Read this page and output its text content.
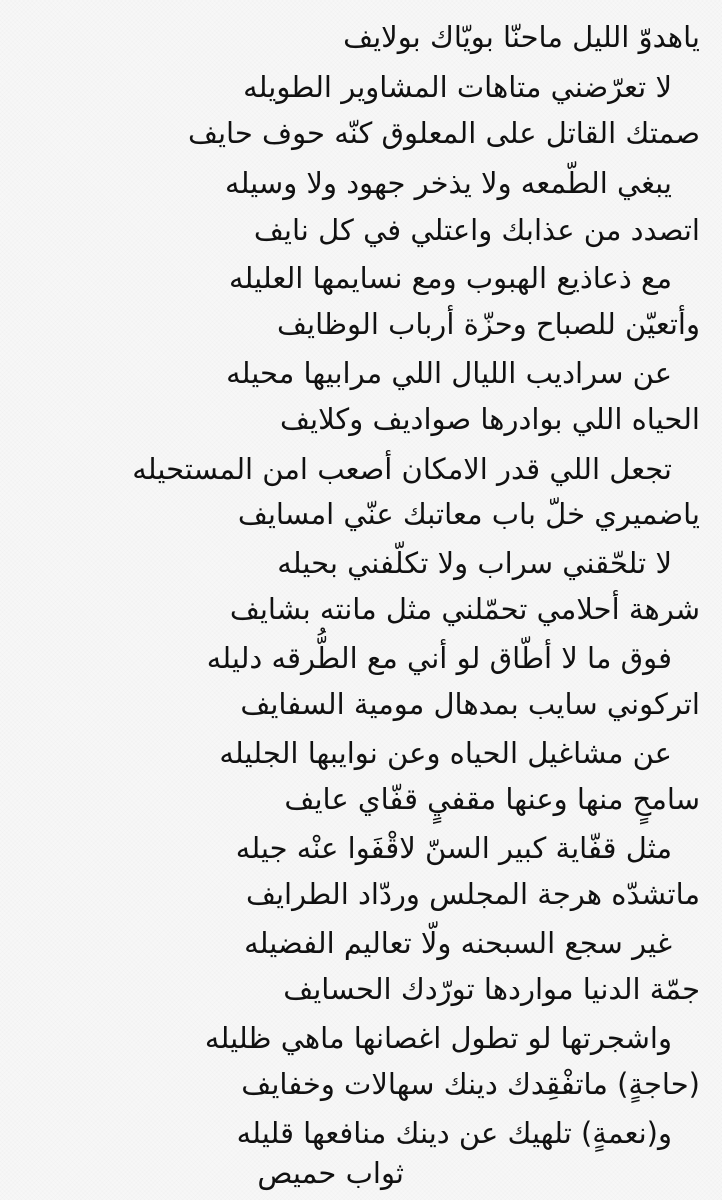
ياهدوّ الليل ماحنّا بويّاك بولايف
لا تعرّضني متاهات المشاوير الطويله
صمتك القاتل على المعلوق كنّه حوف حايف
يبغي الطّمعه ولا يذخر جهود ولا وسيله
اتصدد من عذابك واعتلي في كل نايف
مع ذعاذيع الهبوب ومع نسايمها العليله
وأتعيّن للصباح وحزّة أرباب الوظايف
عن سراديب الليال اللي مرابيها محيله
الحياه اللي بوادرها صواديف وكلايف
تجعل اللي قدر الامكان أصعب امن المستحيله
ياضميري خلّ باب معاتبك عنّي امسايف
لا تلحّقني سراب ولا تكلّفني بحيله
شرهة أحلامي تحمّلني مثل مانته بشايف
فوق ما لا أطّاق لو أني مع الطُّرقه دليله
اتركوني سايب بمدهال مومية السفايف
عن مشاغيل الحياه وعن نوايبها الجليله
سامحٍ منها وعنها مقفيٍ قفّاي عايف
مثل قفّاية كبير السنّ لاقْفَوا عنْه جيله
ماتشدّه هرجة المجلس وردّاد الطرايف
غير سجع السبحنه ولّا تعاليم الفضيله
جمّة الدنيا مواردها تورّدك الحسايف
واشجرتها لو تطول اغصانها ماهي ظليله
(حاجةٍ) ماتفْقِدك دينك سهالات وخفايف
و(نعمةٍ) تلهيك عن دينك منافعها قليله
ثواب حميص
